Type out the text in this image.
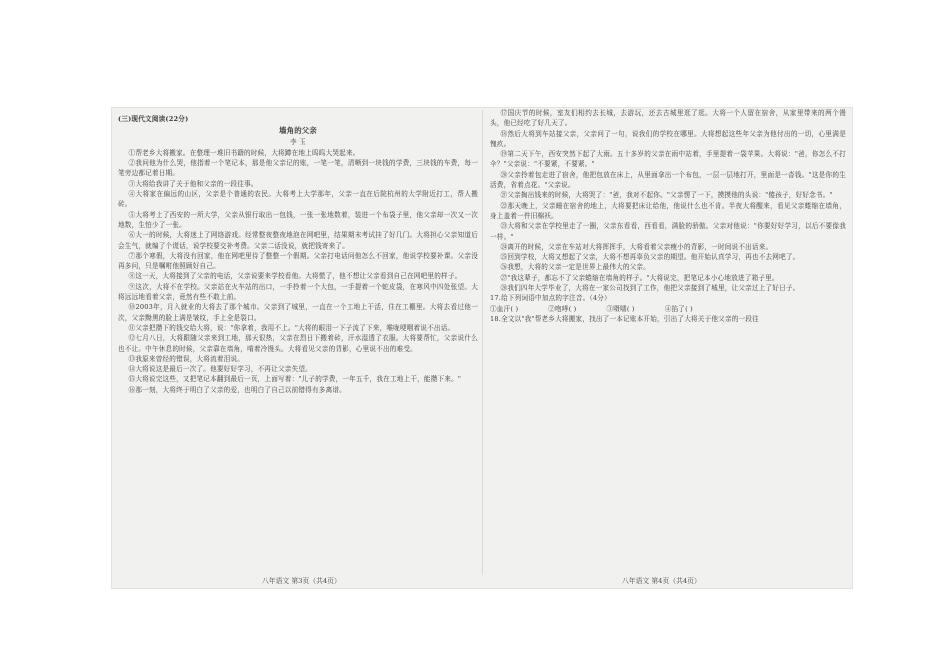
(三)现代文阅读(22分)
墙角的父亲
李 玉

①帮老乡大将搬家。在整理一堆旧书籍的时候，大将蹲在地上呜呜大哭起来。

②我问他为什么哭，他指着一个笔记本，那是他父亲记的账，一笔一笔，清晰到一块钱的学费，三块钱的车费，每一笔旁边都记着日期。

③大将给我讲了关于他和父亲的一段往事。

④大将家在偏远的山区，父亲是个普通的农民。大将考上大学那年，父亲一直在后院杭州的大学附近打工，帮人搬砖。

⑤大将考上了西安的一所大学，父亲从银行取出一包钱，一张一张地数着，装进一个布袋子里，他父亲却一次又一次地数，生怕少了一张。

⑥大一的时候，大将迷上了网络游戏。经常整夜整夜地泡在网吧里，结果期末考试挂了好几门。大将担心父亲知道后会生气，就编了个谎话，说学校要交补考费。父亲二话没说，就把钱寄来了。

⑦那个寒假，大将没有回家，他在网吧里待了整整一个假期。父亲打电话问他怎么不回家，他说学校要补课。父亲没再多问，只是嘱咐他照顾好自己。

⑧这一天，大将接到了父亲的电话，父亲说要来学校看他。大将慌了，他不想让父亲看到自己在网吧里的样子。

⑨这次，大将不在学校。父亲站在火车站的出口，一手拎着一个大包，一手提着一个蛇皮袋，在寒风中四处张望。大将远远地看着父亲，竟然有些不敢上前。

⑩2003年，月入就业的大将去了那个城市。父亲到了城里，一直在一个工地上干活，住在工棚里。大将去看过他一次，父亲黝黑的脸上满是皱纹，手上全是裂口。

⑪父亲把攒下的钱交给大将，说："你拿着，我用不上。"大将的眼泪一下子流了下来，喉咙哽咽着说不出话。

⑫七月八日，大将跟随父亲来到工地，那天很热，父亲在烈日下搬着砖，汗水湿透了衣服。大将要帮忙，父亲说什么也不让。中午休息的时候，父亲靠在墙角，啃着冷馒头。大将看见父亲的背影，心里说不出的难受。

⑬我原来曾经的错误，大将流着泪说。

⑭大将说这是最后一次了。他要好好学习，不再让父亲失望。

⑮大将说完这些，又把笔记本翻到最后一页，上面写着："儿子的学费，一年五千，我在工地上干，能攒下来。"

⑯那一刻，大将终于明白了父亲的爱，也明白了自己以前错得有多离谱。

⑰国庆节的时候，室友们相约去长城，去游玩，还去古城里逛了逛。大将一个人留在宿舍，从家里带来的两个馒头，他已经吃了好几天了。

⑱然后大将到车站接父亲，父亲问了一句，说我们的学校在哪里。大将想起这些年父亲为他付出的一切，心里满是愧疚。

⑲第二天下午，西安突然下起了大雨。五十多岁的父亲在雨中站着，手里提着一袋苹果。大将说："爸，你怎么不打伞？"父亲说："不要紧，不要紧。"

⑳父亲拎着包走进了宿舍，他把包放在床上，从里面拿出一个布包，一层一层地打开，里面是一沓钱。"这是你的生活费，省着点花。"父亲说。

㉑父亲掏出钱来的时候，大将哭了："爸，我对不起你。"父亲愣了一下，摸摸他的头说："傻孩子，好好念书。"

㉒那天晚上，父亲睡在宿舍的地上，大将要把床让给他，他说什么也不肯。半夜大将醒来，看见父亲蜷缩在墙角，身上盖着一件旧棉袄。

㉓大将和父亲在学校里走了一圈，父亲东看看，西看看，满脸的骄傲。父亲对他说："你要好好学习，以后不要像我一样。"

㉔离开的时候，父亲在车站对大将挥挥手，大将看着父亲瘦小的背影，一时间说不出话来。

㉕回到学校，大将又想起了父亲，大将不想再辜负父亲的期望。他开始认真学习，再也不去网吧了。

㉖我想，大将的父亲一定是世界上最伟大的父亲。

㉗"我这辈子，都忘不了父亲蜷缩在墙角的样子。"大将说完，把笔记本小心地放进了箱子里。

㉘我们四年大学毕业了，大将在一家公司找到了工作，他把父亲接到了城里，让父亲过上了好日子。

17.给下列词语中加点的字注音。（4分）

①血汗( )	②咆哮( )	③嗫嚅( )	④掐了( )

18.全文以"我"帮老乡大将搬家，找出了一本记账本开始，引出了大将关于他父亲的一段往

八年语文 第3页（共4页）	八年语文 第4页（共4页）
